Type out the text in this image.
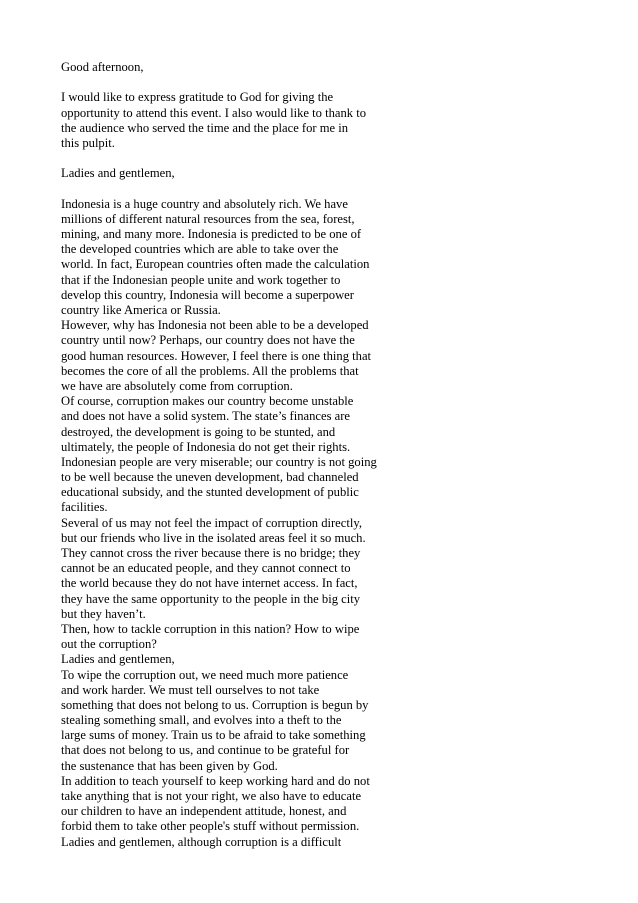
Good afternoon,
I would like to express gratitude to God for giving the
opportunity to attend this event. I also would like to thank to
the audience who served the time and the place for me in
this pulpit.
Ladies and gentlemen,
Indonesia is a huge country and absolutely rich. We have
millions of different natural resources from the sea, forest,
mining, and many more. Indonesia is predicted to be one of
the developed countries which are able to take over the
world. In fact, European countries often made the calculation
that if the Indonesian people unite and work together to
develop this country, Indonesia will become a superpower
country like America or Russia.
However, why has Indonesia not been able to be a developed
country until now? Perhaps, our country does not have the
good human resources. However, I feel there is one thing that
becomes the core of all the problems. All the problems that
we have are absolutely come from corruption.
Of course, corruption makes our country become unstable
and does not have a solid system. The state’s finances are
destroyed, the development is going to be stunted, and
ultimately, the people of Indonesia do not get their rights.
Indonesian people are very miserable; our country is not going
to be well because the uneven development, bad channeled
educational subsidy, and the stunted development of public
facilities.
Several of us may not feel the impact of corruption directly,
but our friends who live in the isolated areas feel it so much.
They cannot cross the river because there is no bridge; they
cannot be an educated people, and they cannot connect to
the world because they do not have internet access. In fact,
they have the same opportunity to the people in the big city
but they haven’t.
Then, how to tackle corruption in this nation? How to wipe
out the corruption?
Ladies and gentlemen,
To wipe the corruption out, we need much more patience
and work harder. We must tell ourselves to not take
something that does not belong to us. Corruption is begun by
stealing something small, and evolves into a theft to the
large sums of money. Train us to be afraid to take something
that does not belong to us, and continue to be grateful for
the sustenance that has been given by God.
In addition to teach yourself to keep working hard and do not
take anything that is not your right, we also have to educate
our children to have an independent attitude, honest, and
forbid them to take other people's stuff without permission.
Ladies and gentlemen, although corruption is a difficult
